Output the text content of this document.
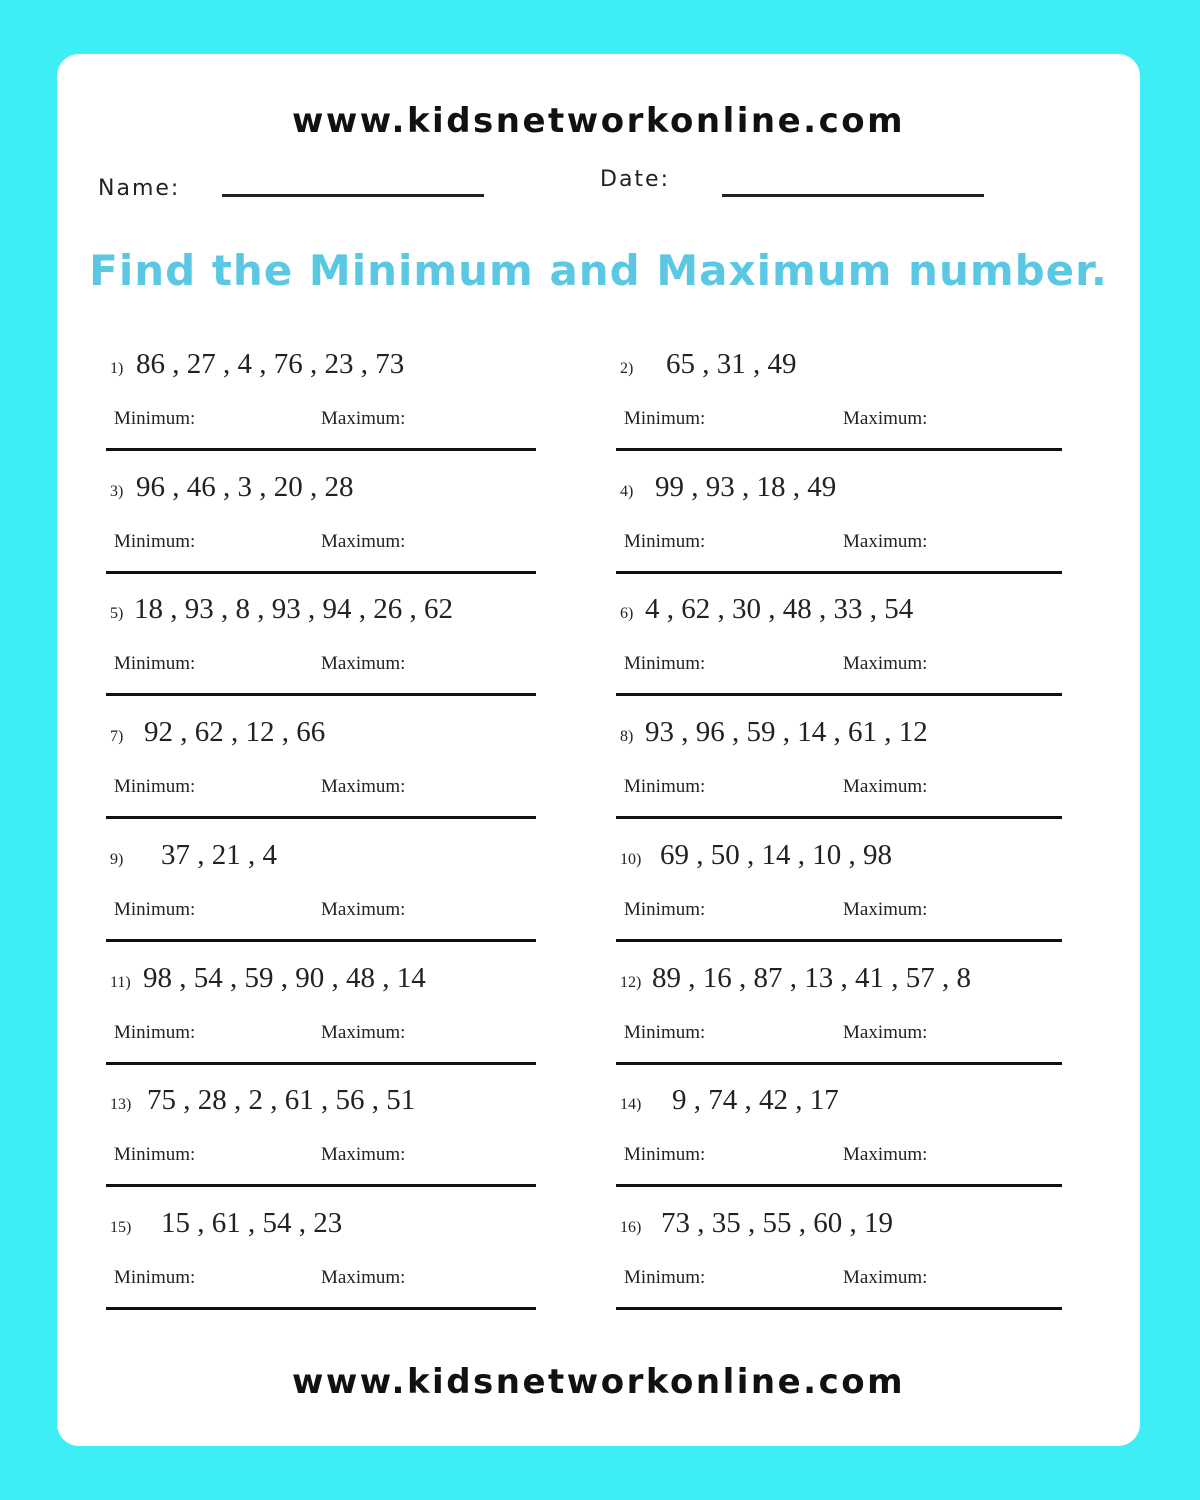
www.kidsnetworkonline.com
Name:	Date:
Find the Minimum and Maximum number.
1) 86 , 27 , 4 , 76 , 23 , 73
Minimum:	Maximum:
2) 65 , 31 , 49
Minimum:	Maximum:
3) 96 , 46 , 3 , 20 , 28
Minimum:	Maximum:
4) 99 , 93 , 18 , 49
Minimum:	Maximum:
5) 18 , 93 , 8 , 93 , 94 , 26 , 62
Minimum:	Maximum:
6) 4 , 62 , 30 , 48 , 33 , 54
Minimum:	Maximum:
7) 92 , 62 , 12 , 66
Minimum:	Maximum:
8) 93 , 96 , 59 , 14 , 61 , 12
Minimum:	Maximum:
9) 37 , 21 , 4
Minimum:	Maximum:
10) 69 , 50 , 14 , 10 , 98
Minimum:	Maximum:
11) 98 , 54 , 59 , 90 , 48 , 14
Minimum:	Maximum:
12) 89 , 16 , 87 , 13 , 41 , 57 , 8
Minimum:	Maximum:
13) 75 , 28 , 2 , 61 , 56 , 51
Minimum:	Maximum:
14) 9 , 74 , 42 , 17
Minimum:	Maximum:
15) 15 , 61 , 54 , 23
Minimum:	Maximum:
16) 73 , 35 , 55 , 60 , 19
Minimum:	Maximum:
www.kidsnetworkonline.com
